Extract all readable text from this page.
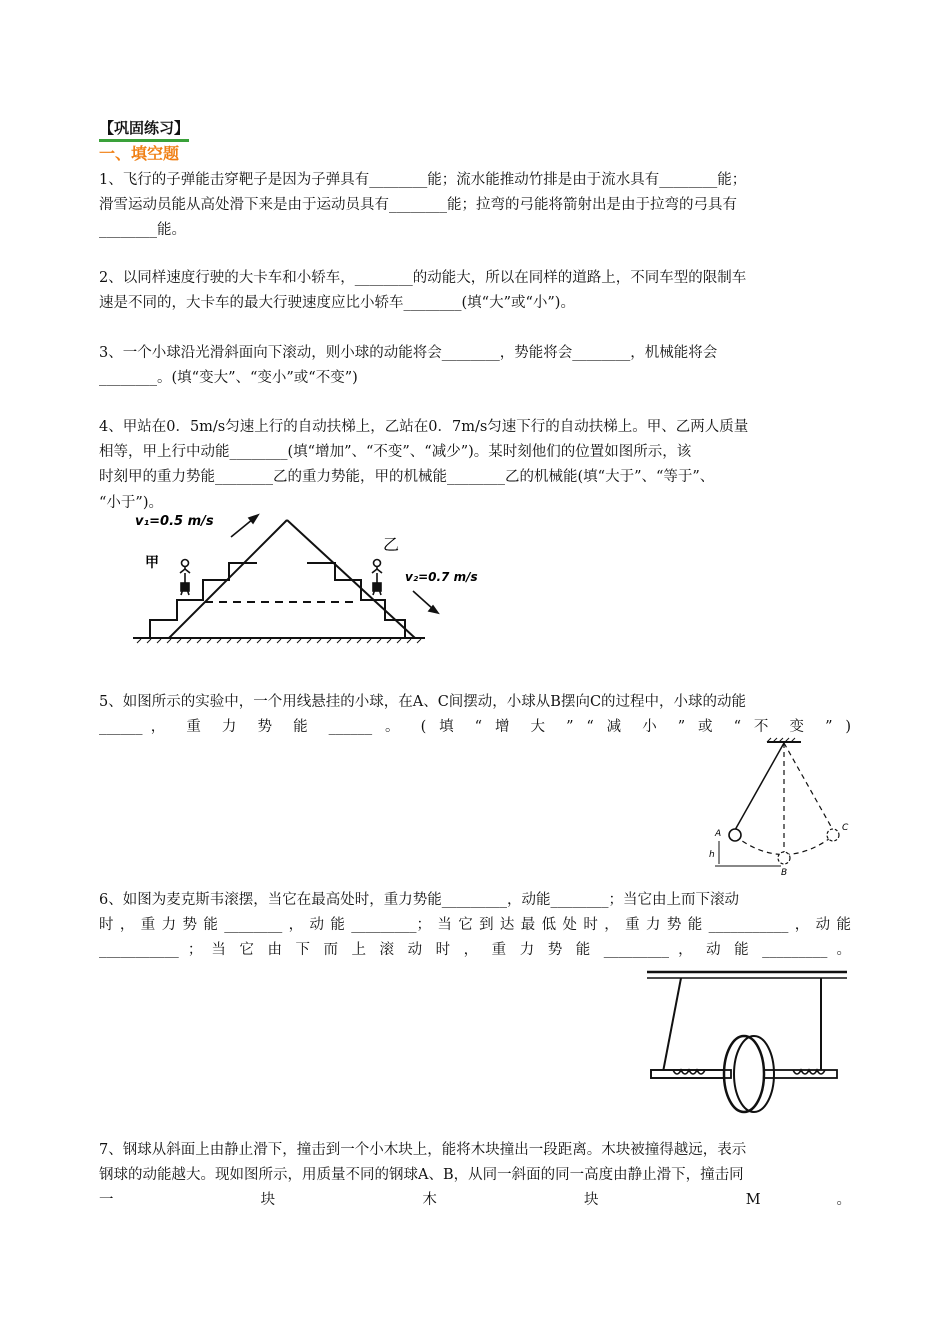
【巩固练习】
一、填空题
1、飞行的子弹能击穿靶子是因为子弹具有________能；流水能推动竹排是由于流水具有________能；
滑雪运动员能从高处滑下来是由于运动员具有________能；拉弯的弓能将箭射出是由于拉弯的弓具有
________能。
2、以同样速度行驶的大卡车和小轿车，________的动能大，所以在同样的道路上，不同车型的限制车
速是不同的，大卡车的最大行驶速度应比小轿车________(填“大”或“小”)。
3、一个小球沿光滑斜面向下滚动，则小球的动能将会________，势能将会________，机械能将会
________。(填“变大”、“变小”或“不变”)
4、甲站在0．5m/s匀速上行的自动扶梯上，乙站在0．7m/s匀速下行的自动扶梯上。甲、乙两人质量
相等，甲上行中动能________(填“增加”、“不变”、“减少”)。某时刻他们的位置如图所示，该
时刻甲的重力势能________乙的重力势能，甲的机械能________乙的机械能(填“大于”、“等于”、
“小于”)。
v₁=0.5 m/s
v₂=0.7 m/s
甲
乙
5、如图所示的实验中，一个用线悬挂的小球，在A、C间摆动，小球从B摆向C的过程中，小球的动能
______， 重 力 势 能 ______ 。 ( 填 “ 增 大 ” “ 减 小 ” 或 “ 不 变 ” )
A
B
C
h
6、如图为麦克斯韦滚摆，当它在最高处时，重力势能_________，动能________；当它由上而下滚动
时，重力势能________，动能_________；当它到达最低处时，重力势能___________，动能
___________ ； 当 它 由 下 而 上 滚 动 时 ， 重 力 势 能 _________ ， 动 能 _________ 。
7、钢球从斜面上由静止滑下，撞击到一个小木块上，能将木块撞出一段距离。木块被撞得越远，表示
钢球的动能越大。现如图所示，用质量不同的钢球A、B，从同一斜面的同一高度由静止滑下，撞击同
一 块 木 块 M 。
